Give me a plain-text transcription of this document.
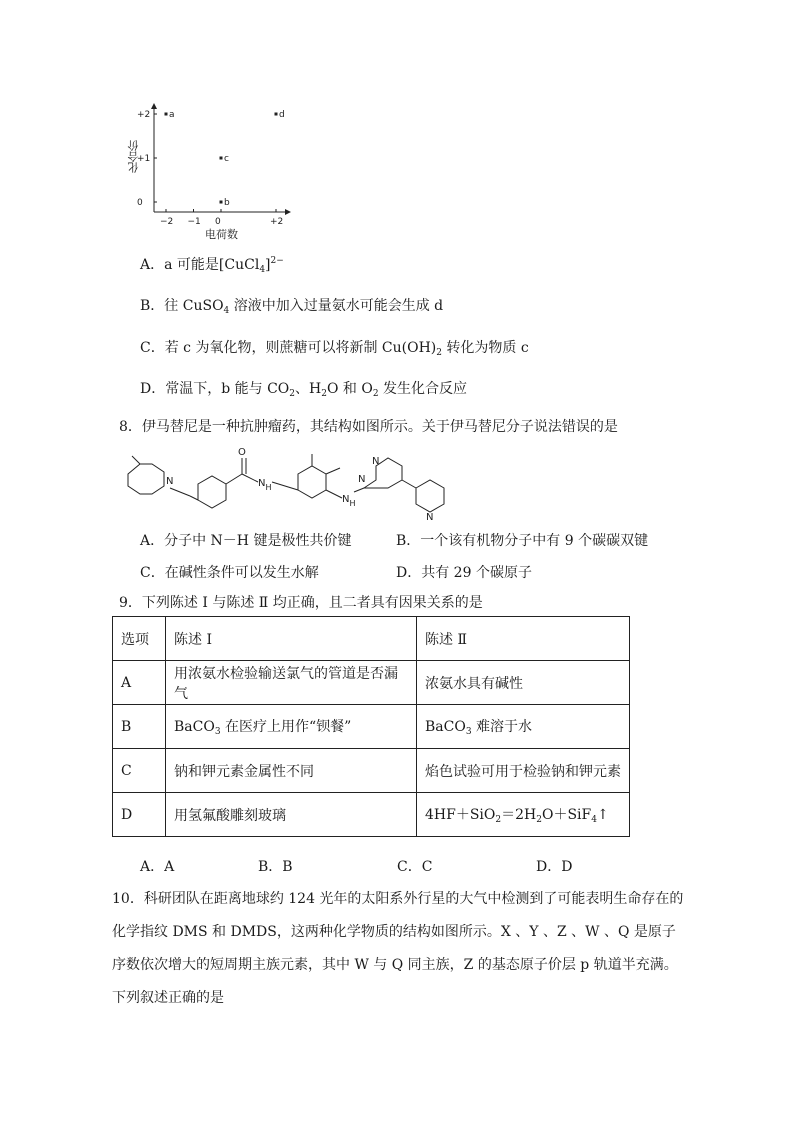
−2 −1 0	+2
+2
+1
0
a
b
c
d
化合价
电荷数
A．a 可能是[CuCl$_4$]$^{2-}$
B．往 CuSO$_4$ 溶液中加入过量氨水可能会生成 d
C．若 c 为氧化物，则蔗糖可以将新制 $Cu(OH)_2$ 转化为物质 c
D．常温下，b 能与 $CO_2$、$H_2O$ 和 $O_2$ 发生化合反应
8．伊马替尼是一种抗肿瘤药，其结构如图所示。关于伊马替尼分子说法错误的是
N
O
$N_H$
$N_H$
N
N
N
A．分子中 N－H 键是极性共价键	B．一个该有机物分子中有 9 个碳碳双键
C．在碱性条件可以发生水解	D．共有 29 个碳原子
9．下列陈述 Ⅰ 与陈述 Ⅱ 均正确，且二者具有因果关系的是
选项	陈述 Ⅰ	陈述 Ⅱ
A	用浓氨水检验输送氯气的管道是否漏气	浓氨水具有碱性
B	BaCO$_3$ 在医疗上用作“钡餐”	BaCO$_3$ 难溶于水
C	钠和钾元素金属性不同	焰色试验可用于检验钠和钾元素
D	用氢氟酸雕刻玻璃	$4HF+SiO_2=2H_2O+SiF_4↑$
A．A	B．B	C．C	D．D
10．科研团队在距离地球约 124 光年的太阳系外行星的大气中检测到了可能表明生命存在的
化学指纹 DMS 和 DMDS，这两种化学物质的结构如图所示。X 、Y 、Z 、W 、Q 是原子
序数依次增大的短周期主族元素，其中 W 与 Q 同主族，Z 的基态原子价层 p 轨道半充满。
下列叙述正确的是
